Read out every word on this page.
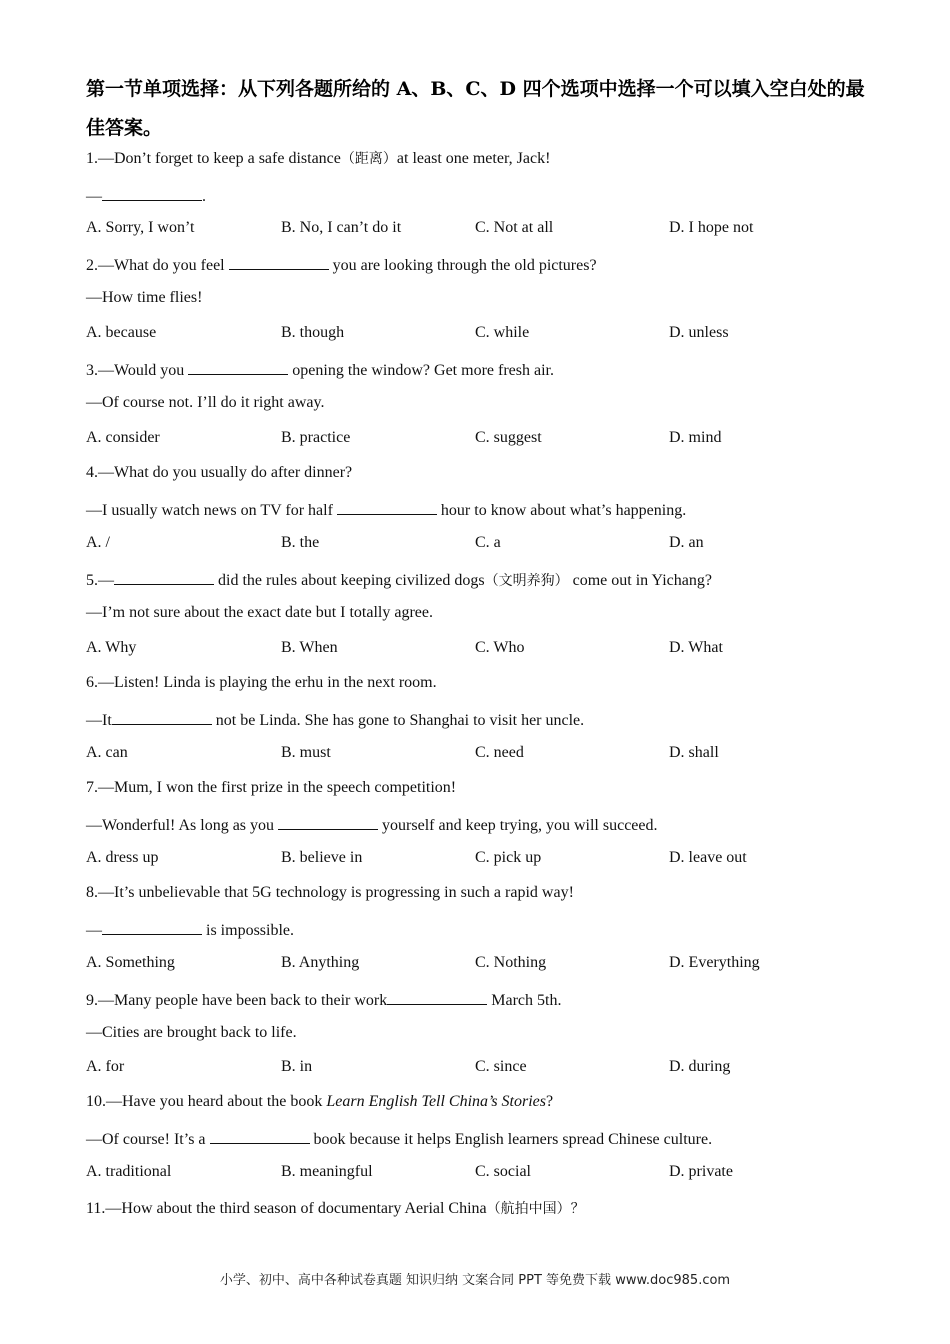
第一节单项选择：从下列各题所给的 A、B、C、D 四个选项中选择一个可以填入空白处的最佳答案。
1.—Don’t forget to keep a safe distance（距离）at least one meter, Jack!
—	.
A. Sorry, I won’t	B. No, I can’t do it	C. Not at all	D. I hope not
2.—What do you feel	you are looking through the old pictures?
—How time flies!
A. because	B. though	C. while	D. unless
3.—Would you	opening the window? Get more fresh air.
—Of course not. I’ll do it right away.
A. consider	B. practice	C. suggest	D. mind
4.—What do you usually do after dinner?
—I usually watch news on TV for half	hour to know about what’s happening.
A. /	B. the	C. a	D. an
5.—	did the rules about keeping civilized dogs（文明养狗） come out in Yichang?
—I’m not sure about the exact date but I totally agree.
A. Why	B. When	C. Who	D. What
6.—Listen! Linda is playing the erhu in the next room.
—It	not be Linda. She has gone to Shanghai to visit her uncle.
A. can	B. must	C. need	D. shall
7.—Mum, I won the first prize in the speech competition!
—Wonderful! As long as you	yourself and keep trying, you will succeed.
A. dress up	B. believe in	C. pick up	D. leave out
8.—It’s unbelievable that 5G technology is progressing in such a rapid way!
—	is impossible.
A. Something	B. Anything	C. Nothing	D. Everything
9.—Many people have been back to their work	March 5th.
—Cities are brought back to life.
A. for	B. in	C. since	D. during
10.—Have you heard about the book Learn English Tell China’s Stories?
—Of course! It’s a	book because it helps English learners spread Chinese culture.
A. traditional	B. meaningful	C. social	D. private
11.—How about the third season of documentary Aerial China（航拍中国）？
小学、初中、高中各种试卷真题 知识归纳 文案合同 PPT 等免费下载 www.doc985.com
